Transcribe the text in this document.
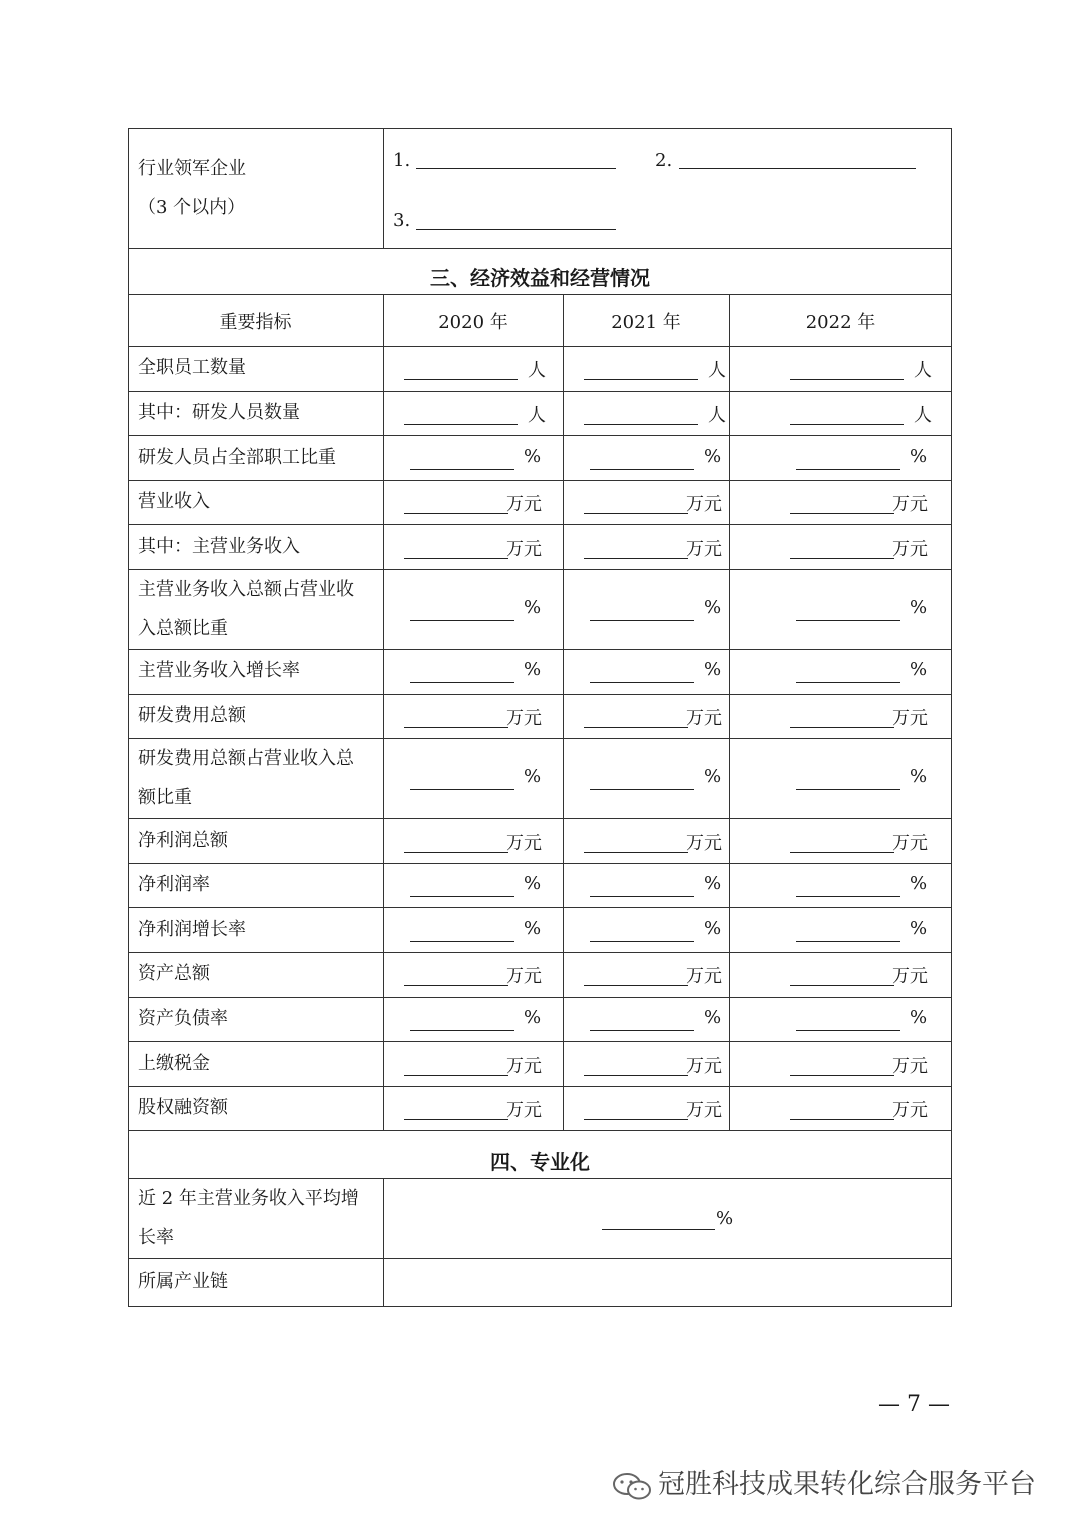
行业领军企业
（3 个以内）
1.	2.
3.
三、经济效益和经营情况
重要指标	2020 年	2021 年	2022 年
全职员工数量	人	人	人
其中：研发人员数量	人	人	人
研发人员占全部职工比重	%	%	%
营业收入	万元	万元	万元
其中：主营业务收入	万元	万元	万元
主营业务收入总额占营业收
入总额比重
%	%	%
主营业务收入增长率	%	%	%
研发费用总额	万元	万元	万元
研发费用总额占营业收入总
额比重
%	%	%
净利润总额	万元	万元	万元
净利润率	%	%	%
净利润增长率	%	%	%
资产总额	万元	万元	万元
资产负债率	%	%	%
上缴税金	万元	万元	万元
股权融资额	万元	万元	万元
四、专业化
近 2 年主营业务收入平均增
长率
%
所属产业链
— 7 —
冠胜科技成果转化综合服务平台
